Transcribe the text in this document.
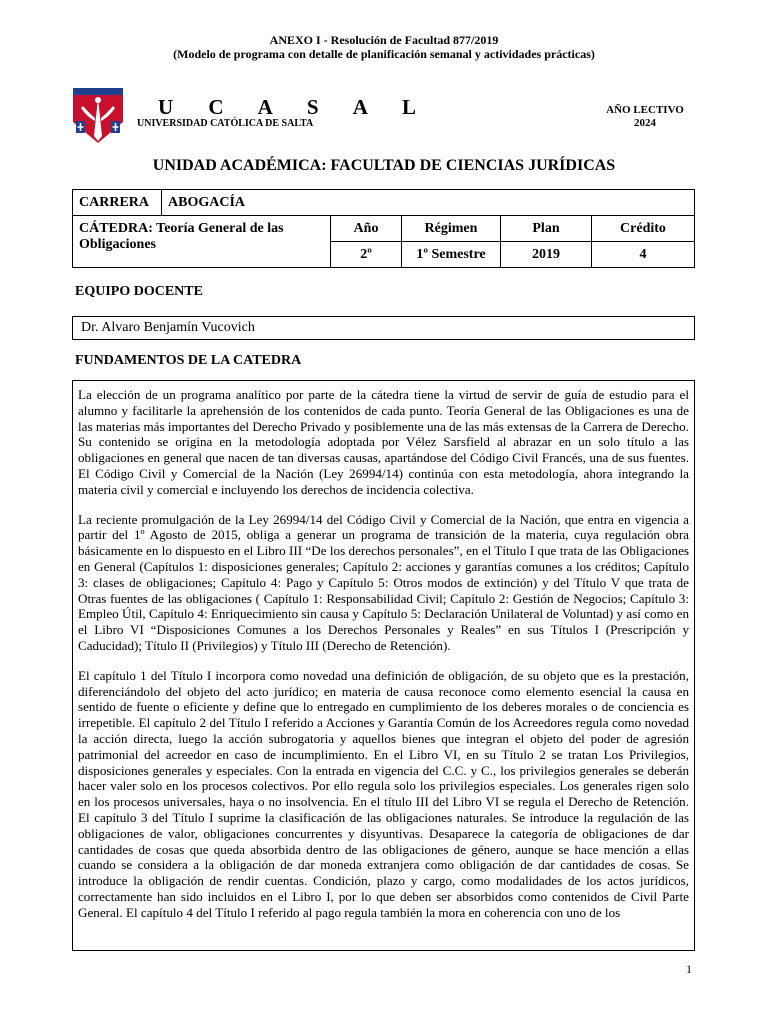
ANEXO I - Resolución de Facultad 877/2019
(Modelo de programa con detalle de planificación semanal y actividades prácticas)
U C A S A L
UNIVERSIDAD CATÓLICA DE SALTA
AÑO LECTIVO
2024
UNIDAD ACADÉMICA: FACULTAD DE CIENCIAS JURÍDICAS
CARRERA	ABOGACÍA				
CÁTEDRA: Teoría General de las Obligaciones		Año	Régimen	Plan	Crédito
		2º	1º Semestre	2019	4
EQUIPO DOCENTE
Dr. Alvaro Benjamín Vucovich
FUNDAMENTOS DE LA CATEDRA

La elección de un programa analítico por parte de la cátedra tiene la virtud de servir de guía de estudio para el alumno y facilitarle la aprehensión de los contenidos de cada punto. Teoría General de las Obligaciones es una de las materias más importantes del Derecho Privado y posiblemente una de las más extensas de la Carrera de Derecho. Su contenido se origina en la metodología adoptada por Vélez Sarsfield al abrazar en un solo título a las obligaciones en general que nacen de tan diversas causas, apartándose del Código Civil Francés, una de sus fuentes. El Código Civil y Comercial de la Nación (Ley 26994/14) continúa con esta metodología, ahora integrando la materia civil y comercial e incluyendo los derechos de incidencia colectiva.

La reciente promulgación de la Ley 26994/14 del Código Civil y Comercial de la Nación, que entra en vigencia a partir del 1º Agosto de 2015, obliga a generar un programa de transición de la materia, cuya regulación obra básicamente en lo dispuesto en el Libro III “De los derechos personales”, en el Título I que trata de las Obligaciones en General (Capítulos 1: disposiciones generales; Capítulo 2: acciones y garantías comunes a los créditos; Capítulo 3: clases de obligaciones; Capítulo 4: Pago y Capítulo 5: Otros modos de extinción) y del Título V que trata de Otras fuentes de las obligaciones ( Capítulo 1: Responsabilidad Civil; Capítulo 2: Gestión de Negocios; Capítulo 3: Empleo Útil, Capítulo 4: Enriquecimiento sin causa y Capítulo 5: Declaración Unilateral de Voluntad) y así como en el Libro VI “Disposiciones Comunes a los Derechos Personales y Reales” en sus Títulos I (Prescripción y Caducidad); Título II (Privilegios) y Título III (Derecho de Retención).

El capítulo 1 del Título I incorpora como novedad una definición de obligación, de su objeto que es la prestación, diferenciándolo del objeto del acto jurídico; en materia de causa reconoce como elemento esencial la causa en sentido de fuente o eficiente y define que lo entregado en cumplimiento de los deberes morales o de conciencia es irrepetible. El capítulo 2 del Título I referido a Acciones y Garantía Común de los Acreedores regula como novedad la acción directa, luego la acción subrogatoria y aquellos bienes que integran el objeto del poder de agresión patrimonial del acreedor en caso de incumplimiento. En el Libro VI, en su Título 2 se tratan Los Privilegios, disposiciones generales y especiales. Con la entrada en vigencia del C.C. y C., los privilegios generales se deberán hacer valer solo en los procesos colectivos. Por ello regula solo los privilegios especiales. Los generales rigen solo en los procesos universales, haya o no insolvencia. En el título III del Libro VI se regula el Derecho de Retención. El capítulo 3 del Título I suprime la clasificación de las obligaciones naturales. Se introduce la regulación de las obligaciones de valor, obligaciones concurrentes y disyuntivas. Desaparece la categoría de obligaciones de dar cantidades de cosas que queda absorbida dentro de las obligaciones de género, aunque se hace mención a ellas cuando se considera a la obligación de dar moneda extranjera como obligación de dar cantidades de cosas. Se introduce la obligación de rendir cuentas. Condición, plazo y cargo, como modalidades de los actos jurídicos, correctamente han sido incluidos en el Libro I, por lo que deben ser absorbidos como contenidos de Civil Parte General. El capítulo 4 del Título I referido al pago regula también la mora en coherencia con uno de los

1
